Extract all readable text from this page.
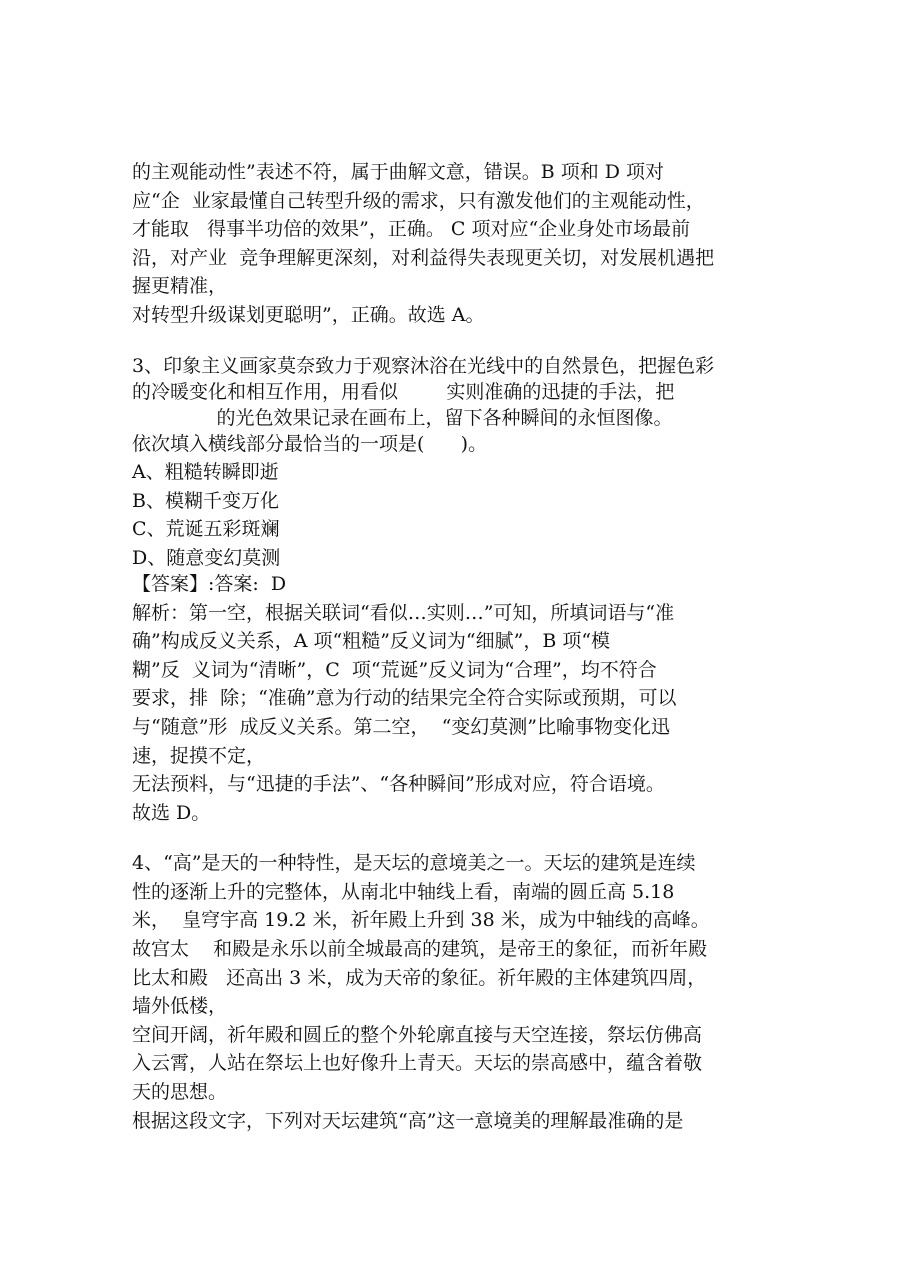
的主观能动性”表述不符，属于曲解文意，错误。B 项和 D 项对
应“企  业家最懂自己转型升级的需求，只有激发他们的主观能动性，
才能取   得事半功倍的效果”，正确。 C 项对应“企业身处市场最前
沿，对产业  竞争理解更深刻，对利益得失表现更关切，对发展机遇把
握更精准，
对转型升级谋划更聪明”，正确。故选 A。
3、印象主义画家莫奈致力于观察沐浴在光线中的自然景色，把握色彩
的冷暖变化和相互作用，用看似        实则准确的迅捷的手法，把
的光色效果记录在画布上，留下各种瞬间的永恒图像。
依次填入横线部分最恰当的一项是(      )。
A、粗糙转瞬即逝
B、模糊千变万化
C、荒诞五彩斑斓
D、随意变幻莫测
【答案】:答案:  D
解析：第一空，根据关联词“看似…实则…”可知，所填词语与“准
确”构成反义关系，A 项“粗糙”反义词为“细腻”，B 项“模
糊”反  义词为“清晰”，C  项“荒诞”反义词为“合理”，均不符合
要求，排  除；“准确”意为行动的结果完全符合实际或预期，可以
与“随意”形  成反义关系。第二空，  “变幻莫测”比喻事物变化迅
速，捉摸不定，
无法预料，与“迅捷的手法”、“各种瞬间”形成对应，符合语境。
故选 D。
4、“高”是天的一种特性，是天坛的意境美之一。天坛的建筑是连续
性的逐渐上升的完整体，从南北中轴线上看，南端的圆丘高 5.18
米，  皇穹宇高 19.2 米，祈年殿上升到 38 米，成为中轴线的高峰。
故宫太    和殿是永乐以前全城最高的建筑，是帝王的象征，而祈年殿
比太和殿   还高出 3 米，成为天帝的象征。祈年殿的主体建筑四周，
墙外低楼，
空间开阔，祈年殿和圆丘的整个外轮廓直接与天空连接，祭坛仿佛高
入云霄，人站在祭坛上也好像升上青天。天坛的崇高感中，蕴含着敬
天的思想。
根据这段文字，下列对天坛建筑“高”这一意境美的理解最准确的是
